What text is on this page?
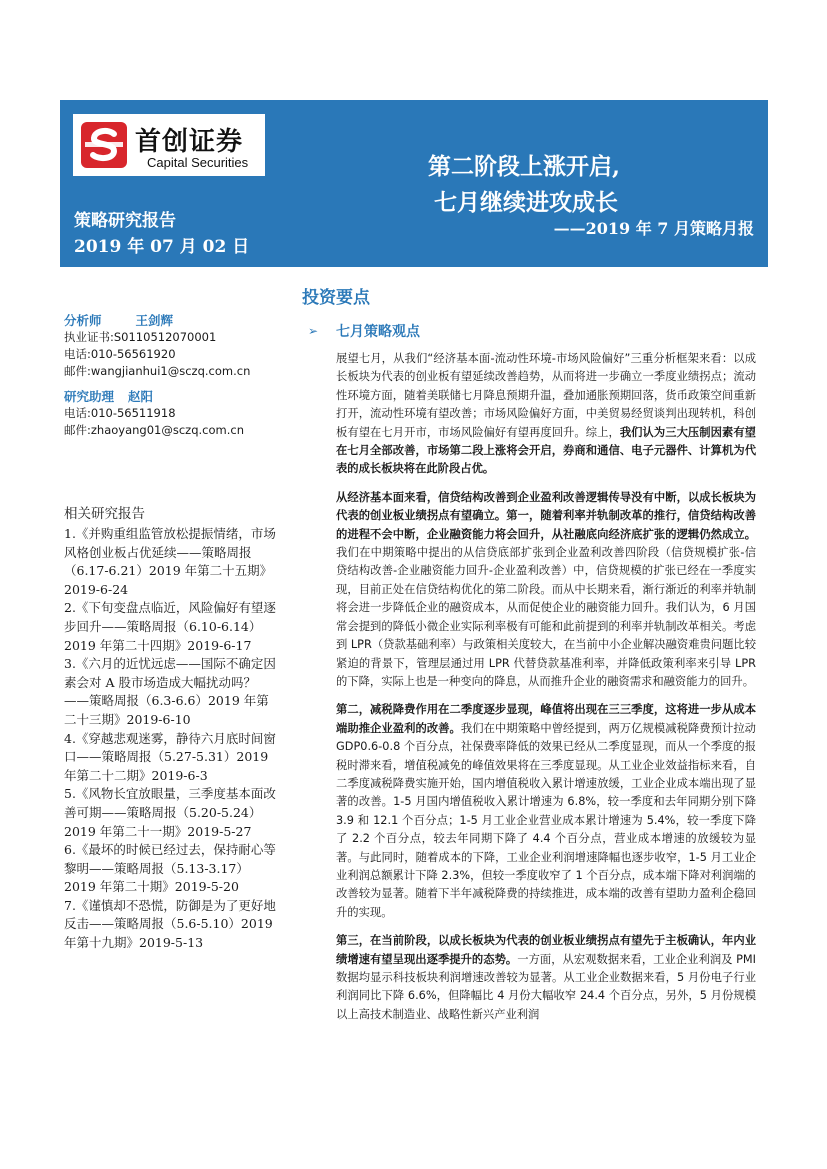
首创证券
Capital Securities
策略研究报告
2019 年 07 月 02 日
第二阶段上涨开启,
七月继续进攻成长
——2019 年 7 月策略月报
分析师	王剑辉
执业证书:S0110512070001
电话:010-56561920
邮件:wangjianhui1@sczq.com.cn
研究助理 赵阳
电话:010-56511918
邮件:zhaoyang01@sczq.com.cn
相关研究报告
1.《并购重组监管放松提振情绪，市场风格创业板占优延续——策略周报（6.17-6.21）2019 年第二十五期》2019-6-24
2.《下旬变盘点临近，风险偏好有望逐步回升——策略周报（6.10-6.14）2019 年第二十四期》2019-6-17
3.《六月的近忧远虑——国际不确定因素会对 A 股市场造成大幅扰动吗？——策略周报（6.3-6.6）2019 年第二十三期》2019-6-10
4.《穿越悲观迷雾，静待六月底时间窗口——策略周报（5.27-5.31）2019 年第二十二期》2019-6-3
5.《风物长宜放眼量，三季度基本面改善可期——策略周报（5.20-5.24）2019 年第二十一期》2019-5-27
6.《最坏的时候已经过去，保持耐心等黎明——策略周报（5.13-3.17）2019 年第二十期》2019-5-20
7.《谨慎却不恐慌，防御是为了更好地反击——策略周报（5.6-5.10）2019 年第十九期》2019-5-13
投资要点
➢	七月策略观点

展望七月，从我们“经济基本面-流动性环境-市场风险偏好”三重分析框架来看：以成长板块为代表的创业板有望延续改善趋势，从而将进一步确立一季度业绩拐点；流动性环境方面，随着美联储七月降息预期升温，叠加通胀预期回落，货币政策空间重新打开，流动性环境有望改善；市场风险偏好方面，中美贸易经贸谈判出现转机，科创板有望在七月开市，市场风险偏好有望再度回升。综上，我们认为三大压制因素有望在七月全部改善，市场第二段上涨将会开启，券商和通信、电子元器件、计算机为代表的成长板块将在此阶段占优。

从经济基本面来看，信贷结构改善到企业盈利改善逻辑传导没有中断，以成长板块为代表的创业板业绩拐点有望确立。第一，随着利率并轨制改革的推行，信贷结构改善的进程不会中断，企业融资能力将会回升，从社融底向经济底扩张的逻辑仍然成立。我们在中期策略中提出的从信贷底部扩张到企业盈利改善四阶段（信贷规模扩张-信贷结构改善-企业融资能力回升-企业盈利改善）中，信贷规模的扩张已经在一季度实现，目前正处在信贷结构优化的第二阶段。而从中长期来看，渐行渐近的利率并轨制将会进一步降低企业的融资成本，从而促使企业的融资能力回升。我们认为，6 月国常会提到的降低小微企业实际利率极有可能和此前提到的利率并轨制改革相关。考虑到 LPR（贷款基础利率）与政策相关度较大，在当前中小企业解决融资难贵问题比较紧迫的背景下，管理层通过用 LPR 代替贷款基准利率，并降低政策利率来引导 LPR 的下降，实际上也是一种变向的降息，从而推升企业的融资需求和融资能力的回升。

第二，减税降费作用在二季度逐步显现，峰值将出现在三三季度，这将进一步从成本端助推企业盈利的改善。我们在中期策略中曾经提到，两万亿规模减税降费预计拉动 GDP0.6-0.8 个百分点，社保费率降低的效果已经从二季度显现，而从一个季度的报税时滞来看，增值税减免的峰值效果将在三季度显现。从工业企业效益指标来看，自二季度减税降费实施开始，国内增值税收入累计增速放缓，工业企业成本端出现了显著的改善。1-5 月国内增值税收入累计增速为 6.8%，较一季度和去年同期分别下降 3.9 和 12.1 个百分点；1-5 月工业企业营业成本累计增速为 5.4%，较一季度下降了 2.2 个百分点，较去年同期下降了 4.4 个百分点，营业成本增速的放缓较为显著。与此同时，随着成本的下降，工业企业利润增速降幅也逐步收窄，1-5 月工业企业利润总额累计下降 2.3%，但较一季度收窄了 1 个百分点，成本端下降对利润端的改善较为显著。随着下半年减税降费的持续推进，成本端的改善有望助力盈利企稳回升的实现。

第三，在当前阶段，以成长板块为代表的创业板业绩拐点有望先于主板确认，年内业绩增速有望呈现出逐季提升的态势。一方面，从宏观数据来看，工业企业利润及 PMI 数据均显示科技板块利润增速改善较为显著。从工业企业数据来看，5 月份电子行业利润同比下降 6.6%，但降幅比 4 月份大幅收窄 24.4 个百分点，另外，5 月份规模以上高技术制造业、战略性新兴产业利润
